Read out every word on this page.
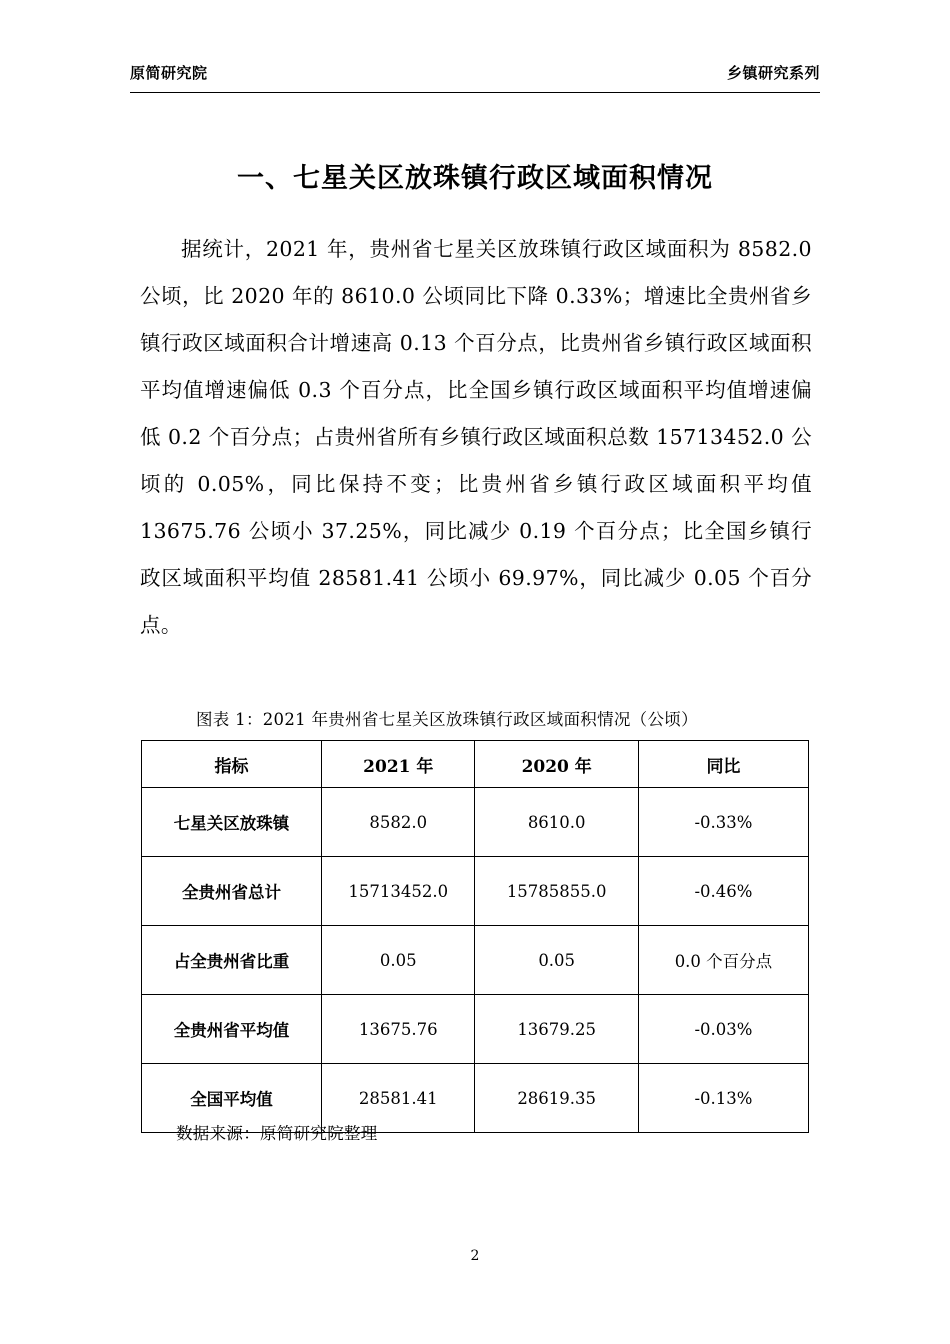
原简研究院	乡镇研究系列
一、七星关区放珠镇行政区域面积情况

据统计，2021 年，贵州省七星关区放珠镇行政区域面积为 8582.0 公顷，比 2020 年的 8610.0 公顷同比下降 0.33%；增速比全贵州省乡镇行政区域面积合计增速高 0.13 个百分点，比贵州省乡镇行政区域面积平均值增速偏低 0.3 个百分点，比全国乡镇行政区域面积平均值增速偏低 0.2 个百分点；占贵州省所有乡镇行政区域面积总数 15713452.0 公顷的 0.05%，同比保持不变；比贵州省乡镇行政区域面积平均值 13675.76 公顷小 37.25%，同比减少 0.19 个百分点；比全国乡镇行政区域面积平均值 28581.41 公顷小 69.97%，同比减少 0.05 个百分点。

图表 1：2021 年贵州省七星关区放珠镇行政区域面积情况（公顷）
指标	2021 年	2020 年	同比
七星关区放珠镇	8582.0	8610.0	-0.33%
全贵州省总计	15713452.0	15785855.0	-0.46%
占全贵州省比重	0.05	0.05	0.0 个百分点
全贵州省平均值	13675.76	13679.25	-0.03%
全国平均值	28581.41	28619.35	-0.13%
数据来源：原简研究院整理
2
